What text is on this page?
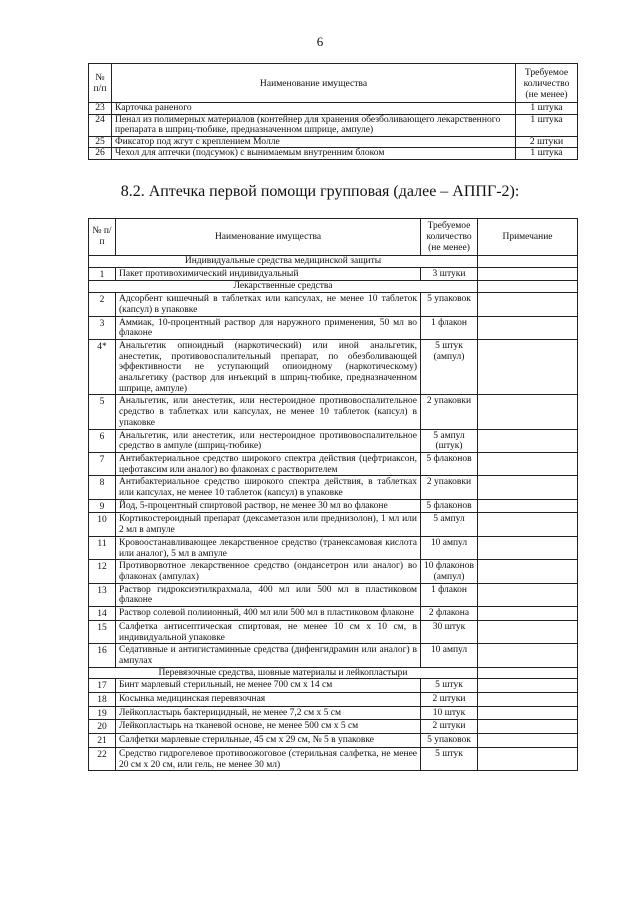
6
№ п/п	Наименование имущества	Требуемое количество (не менее)
23	Карточка раненого	1 штука
24	Пенал из полимерных материалов (контейнер для хранения обезболивающего лекарственного препарата в шприц-тюбике, предназначенном шприце, ампуле)	1 штука
25	Фиксатор под жгут с креплением Молле	2 штуки
26	Чехол для аптечки (подсумок) с вынимаемым внутренним блоком	1 штука
8.2. Аптечка первой помощи групповая (далее – АППГ-2):
№ п/п	Наименование имущества	Требуемое количество (не менее)	Примечание
Индивидуальные средства медицинской защиты			
1	Пакет противохимический индивидуальный	3 штуки	
Лекарственные средства			
2	Адсорбент кишечный в таблетках или капсулах, не менее 10 таблеток (капсул) в упаковке	5 упаковок	
3	Аммиак, 10-процентный раствор для наружного применения, 50 мл во флаконе	1 флакон	
4*	Анальгетик опиоидный (наркотический) или иной анальгетик, анестетик, противовоспалительный препарат, по обезболивающей эффективности не уступающий опиоидному (наркотическому) анальгетику (раствор для инъекций в шприц-тюбике, предназначенном шприце, ампуле)	5 штук (ампул)	
5	Анальгетик, или анестетик, или нестероидное противовоспалительное средство в таблетках или капсулах, не менее 10 таблеток (капсул) в упаковке	2 упаковки	
6	Анальгетик, или анестетик, или нестероидное противовоспалительное средство в ампуле (шприц-тюбике)	5 ампул (штук)	
7	Антибактериальное средство широкого спектра действия (цефтриаксон, цефотаксим или аналог) во флаконах с растворителем	5 флаконов	
8	Антибактериальное средство широкого спектра действия, в таблетках или капсулах, не менее 10 таблеток (капсул) в упаковке	2 упаковки	
9	Йод, 5-процентный спиртовой раствор, не менее 30 мл во флаконе	5 флаконов	
10	Кортикостероидный препарат (дексаметазон или преднизолон), 1 мл или 2 мл в ампуле	5 ампул	
11	Кровоостанавливающее лекарственное средство (транексамовая кислота или аналог), 5 мл в ампуле	10 ампул	
12	Противорвотное лекарственное средство (ондансетрон или аналог) во флаконах (ампулах)	10 флаконов (ампул)	
13	Раствор гидроксиэтилкрахмала, 400 мл или 500 мл в пластиковом флаконе	1 флакон	
14	Раствор солевой полиионный, 400 мл или 500 мл в пластиковом флаконе	2 флакона	
15	Салфетка антисептическая спиртовая, не менее 10 см х 10 см, в индивидуальной упаковке	30 штук	
16	Седативные и антигистаминные средства (дифенгидрамин или аналог) в ампулах	10 ампул	
Перевязочные средства, шовные материалы и лейкопластыри			
17	Бинт марлевый стерильный, не менее 700 см х 14 см	5 штук	
18	Косынка медицинская перевязочная	2 штуки	
19	Лейкопластырь бактерицидный, не менее 7,2 см х 5 см	10 штук	
20	Лейкопластырь на тканевой основе, не менее 500 см х 5 см	2 штуки	
21	Салфетки марлевые стерильные, 45 см х 29 см, № 5 в упаковке	5 упаковок	
22	Средство гидрогелевое противоожоговое (стерильная салфетка, не менее 20 см х 20 см, или гель, не менее 30 мл)	5 штук	
